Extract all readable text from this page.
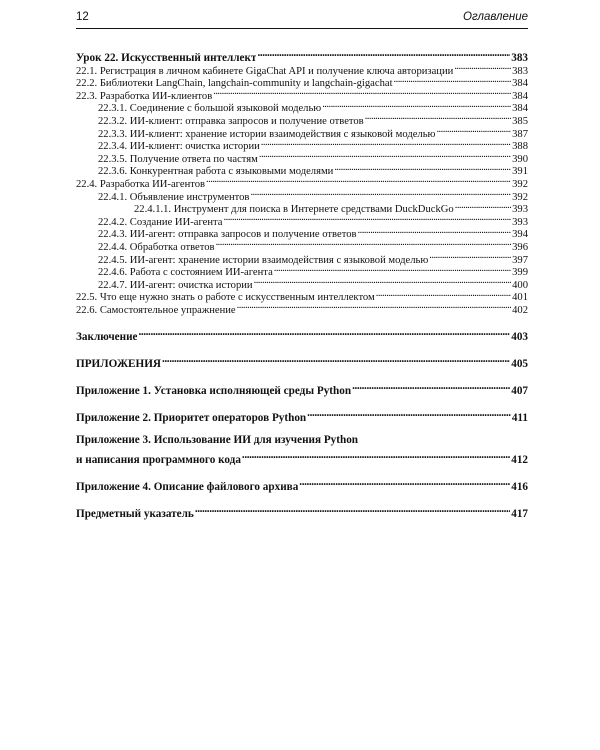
12	Оглавление
Урок 22. Искусственный интеллект . . .	383
22.1. Регистрация в личном кабинете GigaChat API и получение ключа авторизации . . .	383
22.2. Библиотеки LangChain, langchain-community и langchain-gigachat . . .	384
22.3. Разработка ИИ-клиентов . . .	384
22.3.1. Соединение с большой языковой моделью . . .	384
22.3.2. ИИ-клиент: отправка запросов и получение ответов . . .	385
22.3.3. ИИ-клиент: хранение истории взаимодействия с языковой моделью . . .	387
22.3.4. ИИ-клиент: очистка истории . . .	388
22.3.5. Получение ответа по частям . . .	390
22.3.6. Конкурентная работа с языковыми моделями . . .	391
22.4. Разработка ИИ-агентов . . .	392
22.4.1. Объявление инструментов . . .	392
22.4.1.1. Инструмент для поиска в Интернете средствами DuckDuckGo . . .	393
22.4.2. Создание ИИ-агента . . .	393
22.4.3. ИИ-агент: отправка запросов и получение ответов . . .	394
22.4.4. Обработка ответов . . .	396
22.4.5. ИИ-агент: хранение истории взаимодействия с языковой моделью . . .	397
22.4.6. Работа с состоянием ИИ-агента . . .	399
22.4.7. ИИ-агент: очистка истории . . .	400
22.5. Что еще нужно знать о работе с искусственным интеллектом . . .	401
22.6. Самостоятельное упражнение . . .	402
Заключение . . .	403
ПРИЛОЖЕНИЯ . . .	405
Приложение 1. Установка исполняющей среды Python . . .	407
Приложение 2. Приоритет операторов Python . . .	411
Приложение 3. Использование ИИ для изучения Python
и написания программного кода . . .	412
Приложение 4. Описание файлового архива . . .	416
Предметный указатель . . .	417
